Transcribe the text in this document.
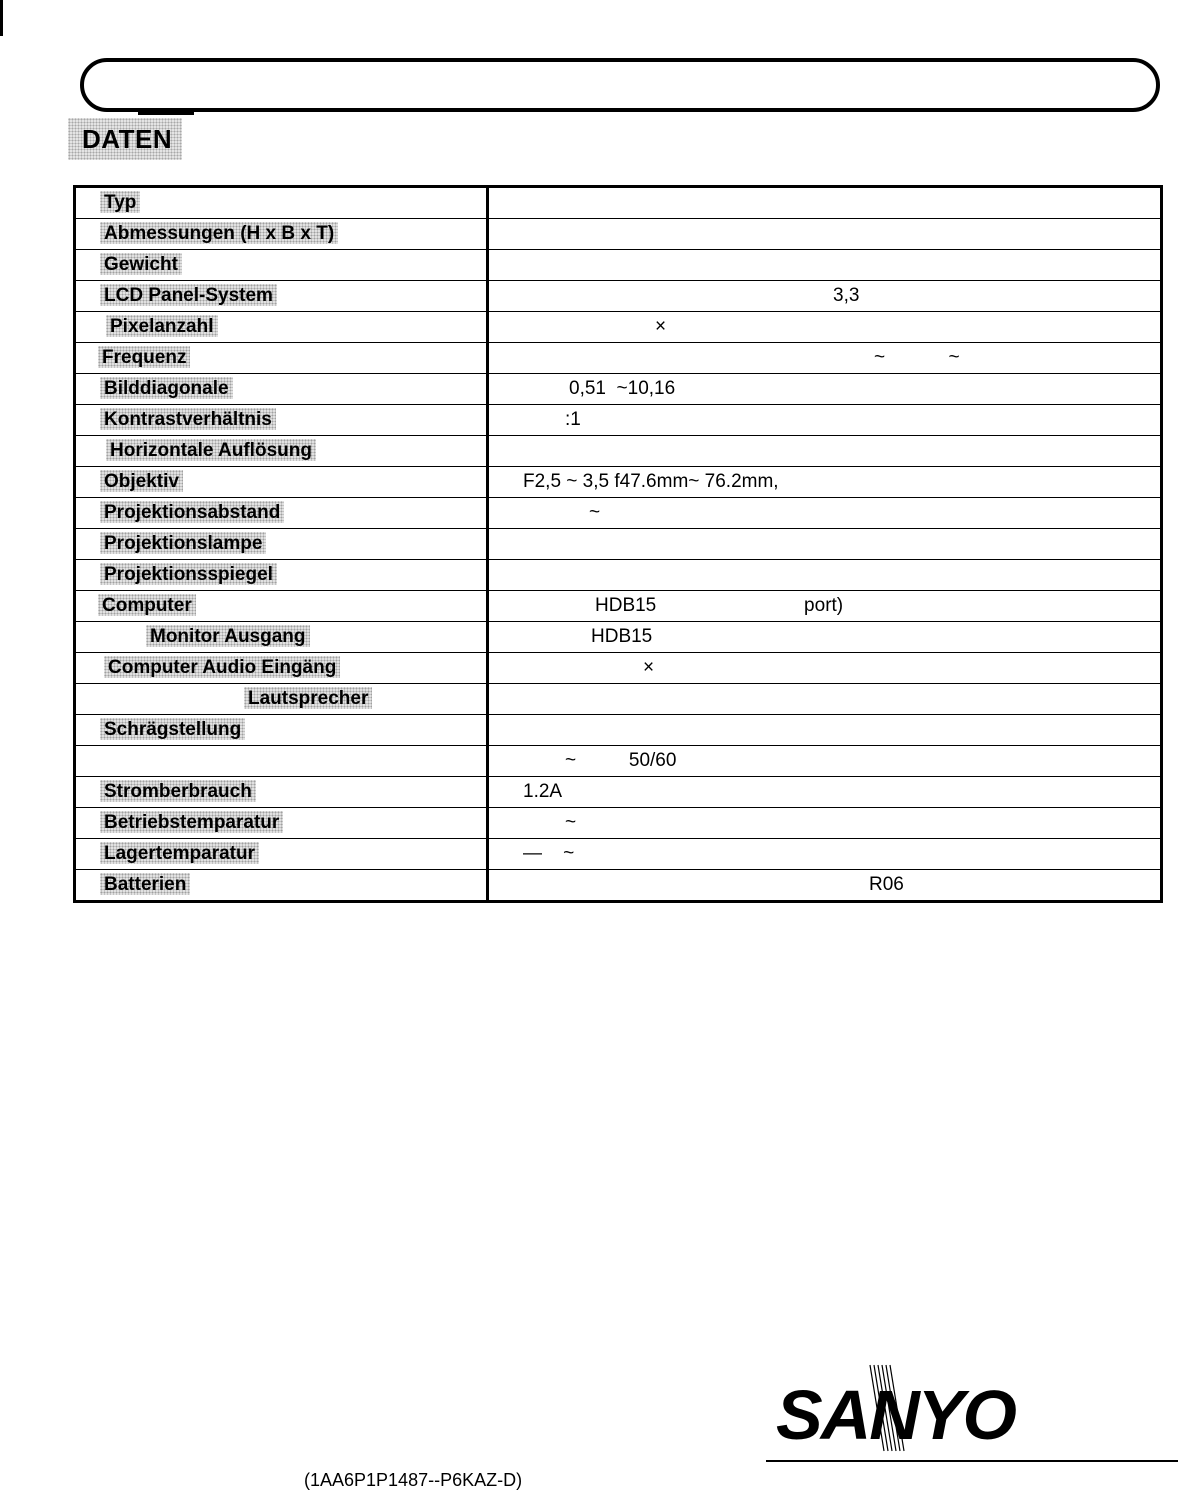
DATEN
Typ	
Abmessungen (H x B x T)	
Gewicht	
LCD Panel-System	3,3
Pixelanzahl	×
Frequenz	~            ~
Bilddiagonale	0,51  ~10,16
Kontrastverhältnis	:1
Horizontale Auflösung	
Objektiv	F2,5 ~ 3,5 f47.6mm~ 76.2mm,
Projektionsabstand	~
Projektionslampe	
Projektionsspiegel	
Computer	HDB15                            port)
Monitor Ausgang	HDB15
Computer Audio Eingäng	×
Lautsprecher	
Schrägstellung	
	~          50/60
Stromberbrauch	1.2A
Betriebstemparatur	~
Lagertemparatur	—    ~
Batterien	R06
SANYO
(1AA6P1P1487--P6KAZ-D)
